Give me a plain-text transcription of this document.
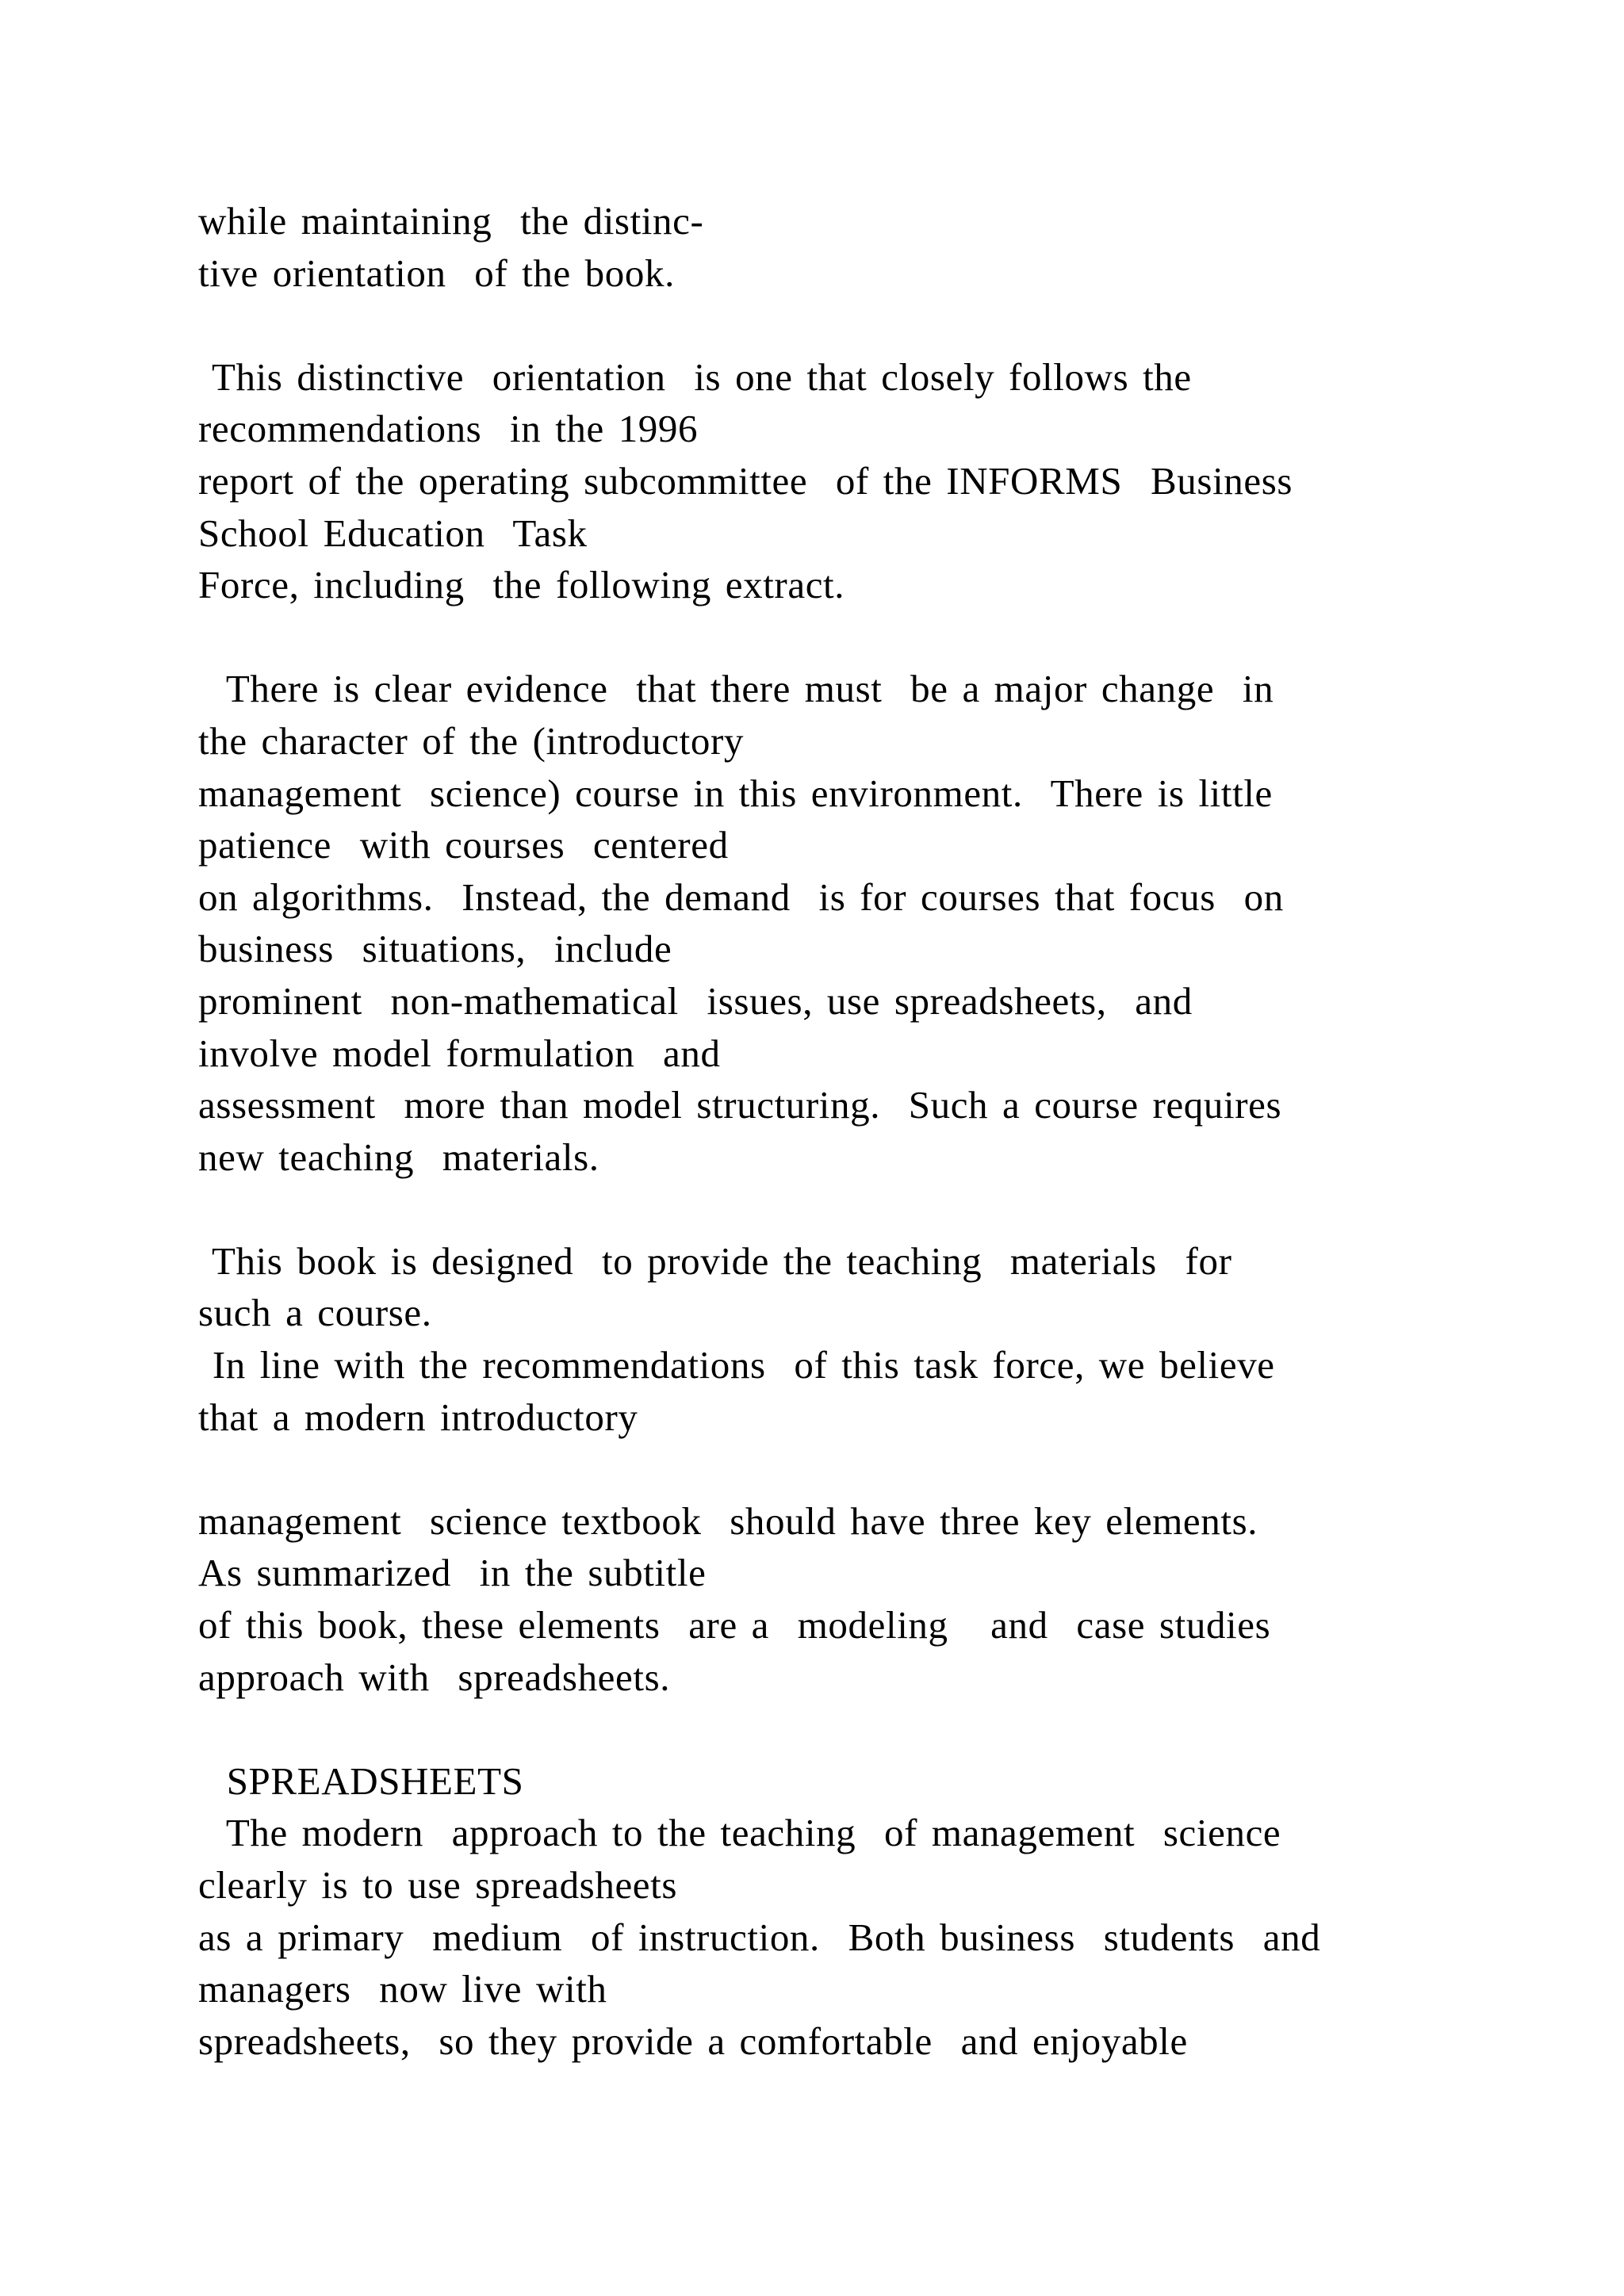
while maintaining  the distinc-
tive orientation  of the book.
This distinctive  orientation  is one that closely follows the
recommendations  in the 1996
report of the operating subcommittee  of the INFORMS  Business
School Education  Task
Force, including  the following extract.
There is clear evidence  that there must  be a major change  in
the character of the (introductory
management  science) course in this environment.  There is little
patience  with courses  centered
on algorithms.  Instead, the demand  is for courses that focus  on
business  situations,  include
prominent  non-mathematical  issues, use spreadsheets,  and
involve model formulation  and
assessment  more than model structuring.  Such a course requires
new teaching  materials.
This book is designed  to provide the teaching  materials  for
such a course.
In line with the recommendations  of this task force, we believe
that a modern introductory
management  science textbook  should have three key elements.
As summarized  in the subtitle
of this book, these elements  are a  modeling   and  case studies
approach with  spreadsheets.
SPREADSHEETS
The modern  approach to the teaching  of management  science
clearly is to use spreadsheets
as a primary  medium  of instruction.  Both business  students  and
managers  now live with
spreadsheets,  so they provide a comfortable  and enjoyable
